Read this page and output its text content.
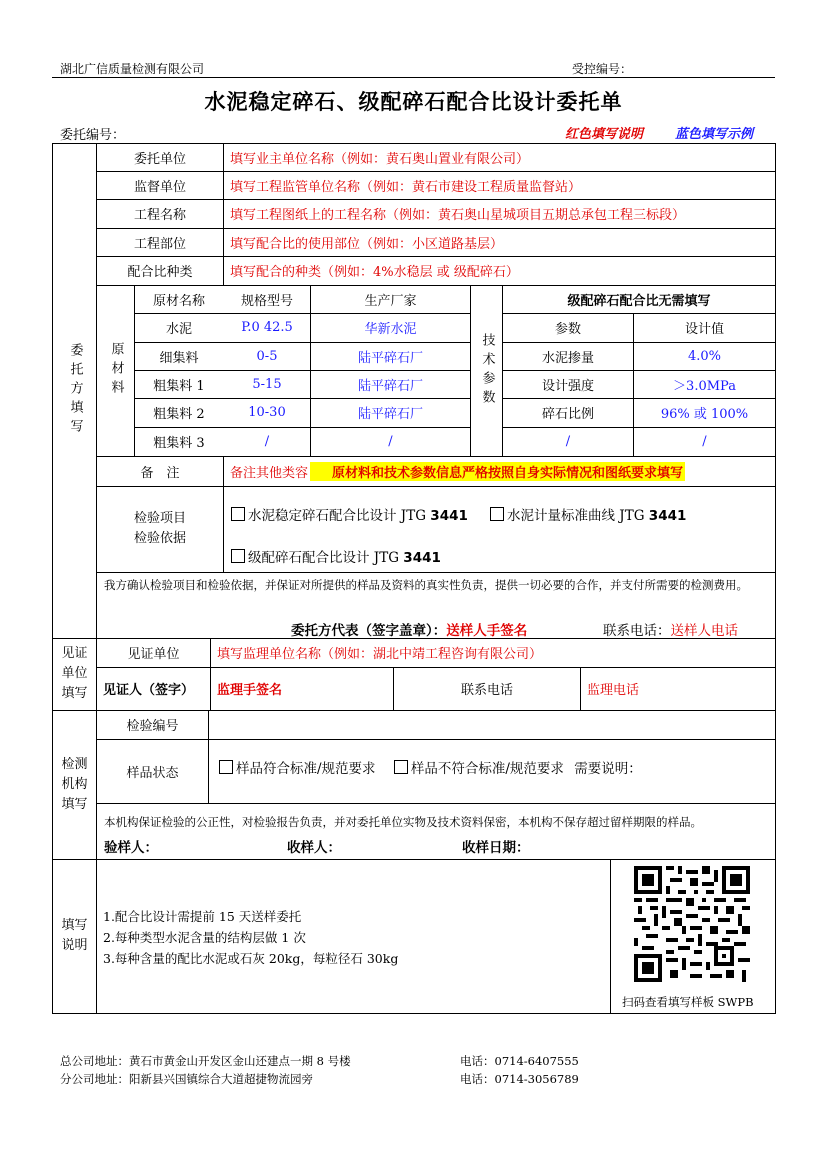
湖北广信质量检测有限公司	受控编号：
水泥稳定碎石、级配碎石配合比设计委托单
委托编号：	红色填写说明 蓝色填写示例
委托方填写
委托单位	填写业主单位名称（例如：黄石奥山置业有限公司）
监督单位	填写工程监管单位名称（例如：黄石市建设工程质量监督站）
工程名称	填写工程图纸上的工程名称（例如：黄石奥山星城项目五期总承包工程三标段）
工程部位	填写配合比的使用部位（例如：小区道路基层）
配合比种类	填写配合的种类（例如：4%水稳层 或 级配碎石）
原材料
原材名称	规格型号	生产厂家
水泥	P.0 42.5	华新水泥
细集料	0-5	陆平碎石厂
粗集料 1	5-15	陆平碎石厂
粗集料 2	10-30	陆平碎石厂
粗集料 3	/	/
技术参数
级配碎石配合比无需填写
参数	设计值
水泥掺量	4.0%
设计强度	＞3.0MPa
碎石比例	96% 或 100%
/	/
备　注	备注其他类容	原材料和技术参数信息严格按照自身实际情况和图纸要求填写
检验项目
检验依据
水泥稳定碎石配合比设计 JTG 3441	水泥计量标准曲线 JTG 3441
级配碎石配合比设计 JTG 3441
我方确认检验项目和检验依据，并保证对所提供的样品及资料的真实性负责，提供一切必要的合作，并支付所需要的检测费用。
委托方代表（签字盖章）：送样人手签名	联系电话：送样人电话
见证单位填写
见证单位	填写监理单位名称（例如：湖北中靖工程咨询有限公司）
见证人（签字）	监理手签名	联系电话	监理电话
检测机构填写
检验编号
样品状态	样品符合标准/规范要求	样品不符合标准/规范要求 需要说明：
本机构保证检验的公正性，对检验报告负责，并对委托单位实物及技术资料保密，本机构不保存超过留样期限的样品。
验样人：	收样人：	收样日期：
填写说明
1.配合比设计需提前 15 天送样委托
2.每种类型水泥含量的结构层做 1 次
3.每种含量的配比水泥或石灰 20kg，每粒径石 30kg
扫码查看填写样板 SWPB
总公司地址：黄石市黄金山开发区金山还建点一期 8 号楼	电话：0714-6407555
分公司地址：阳新县兴国镇综合大道超捷物流园旁	电话：0714-3056789
